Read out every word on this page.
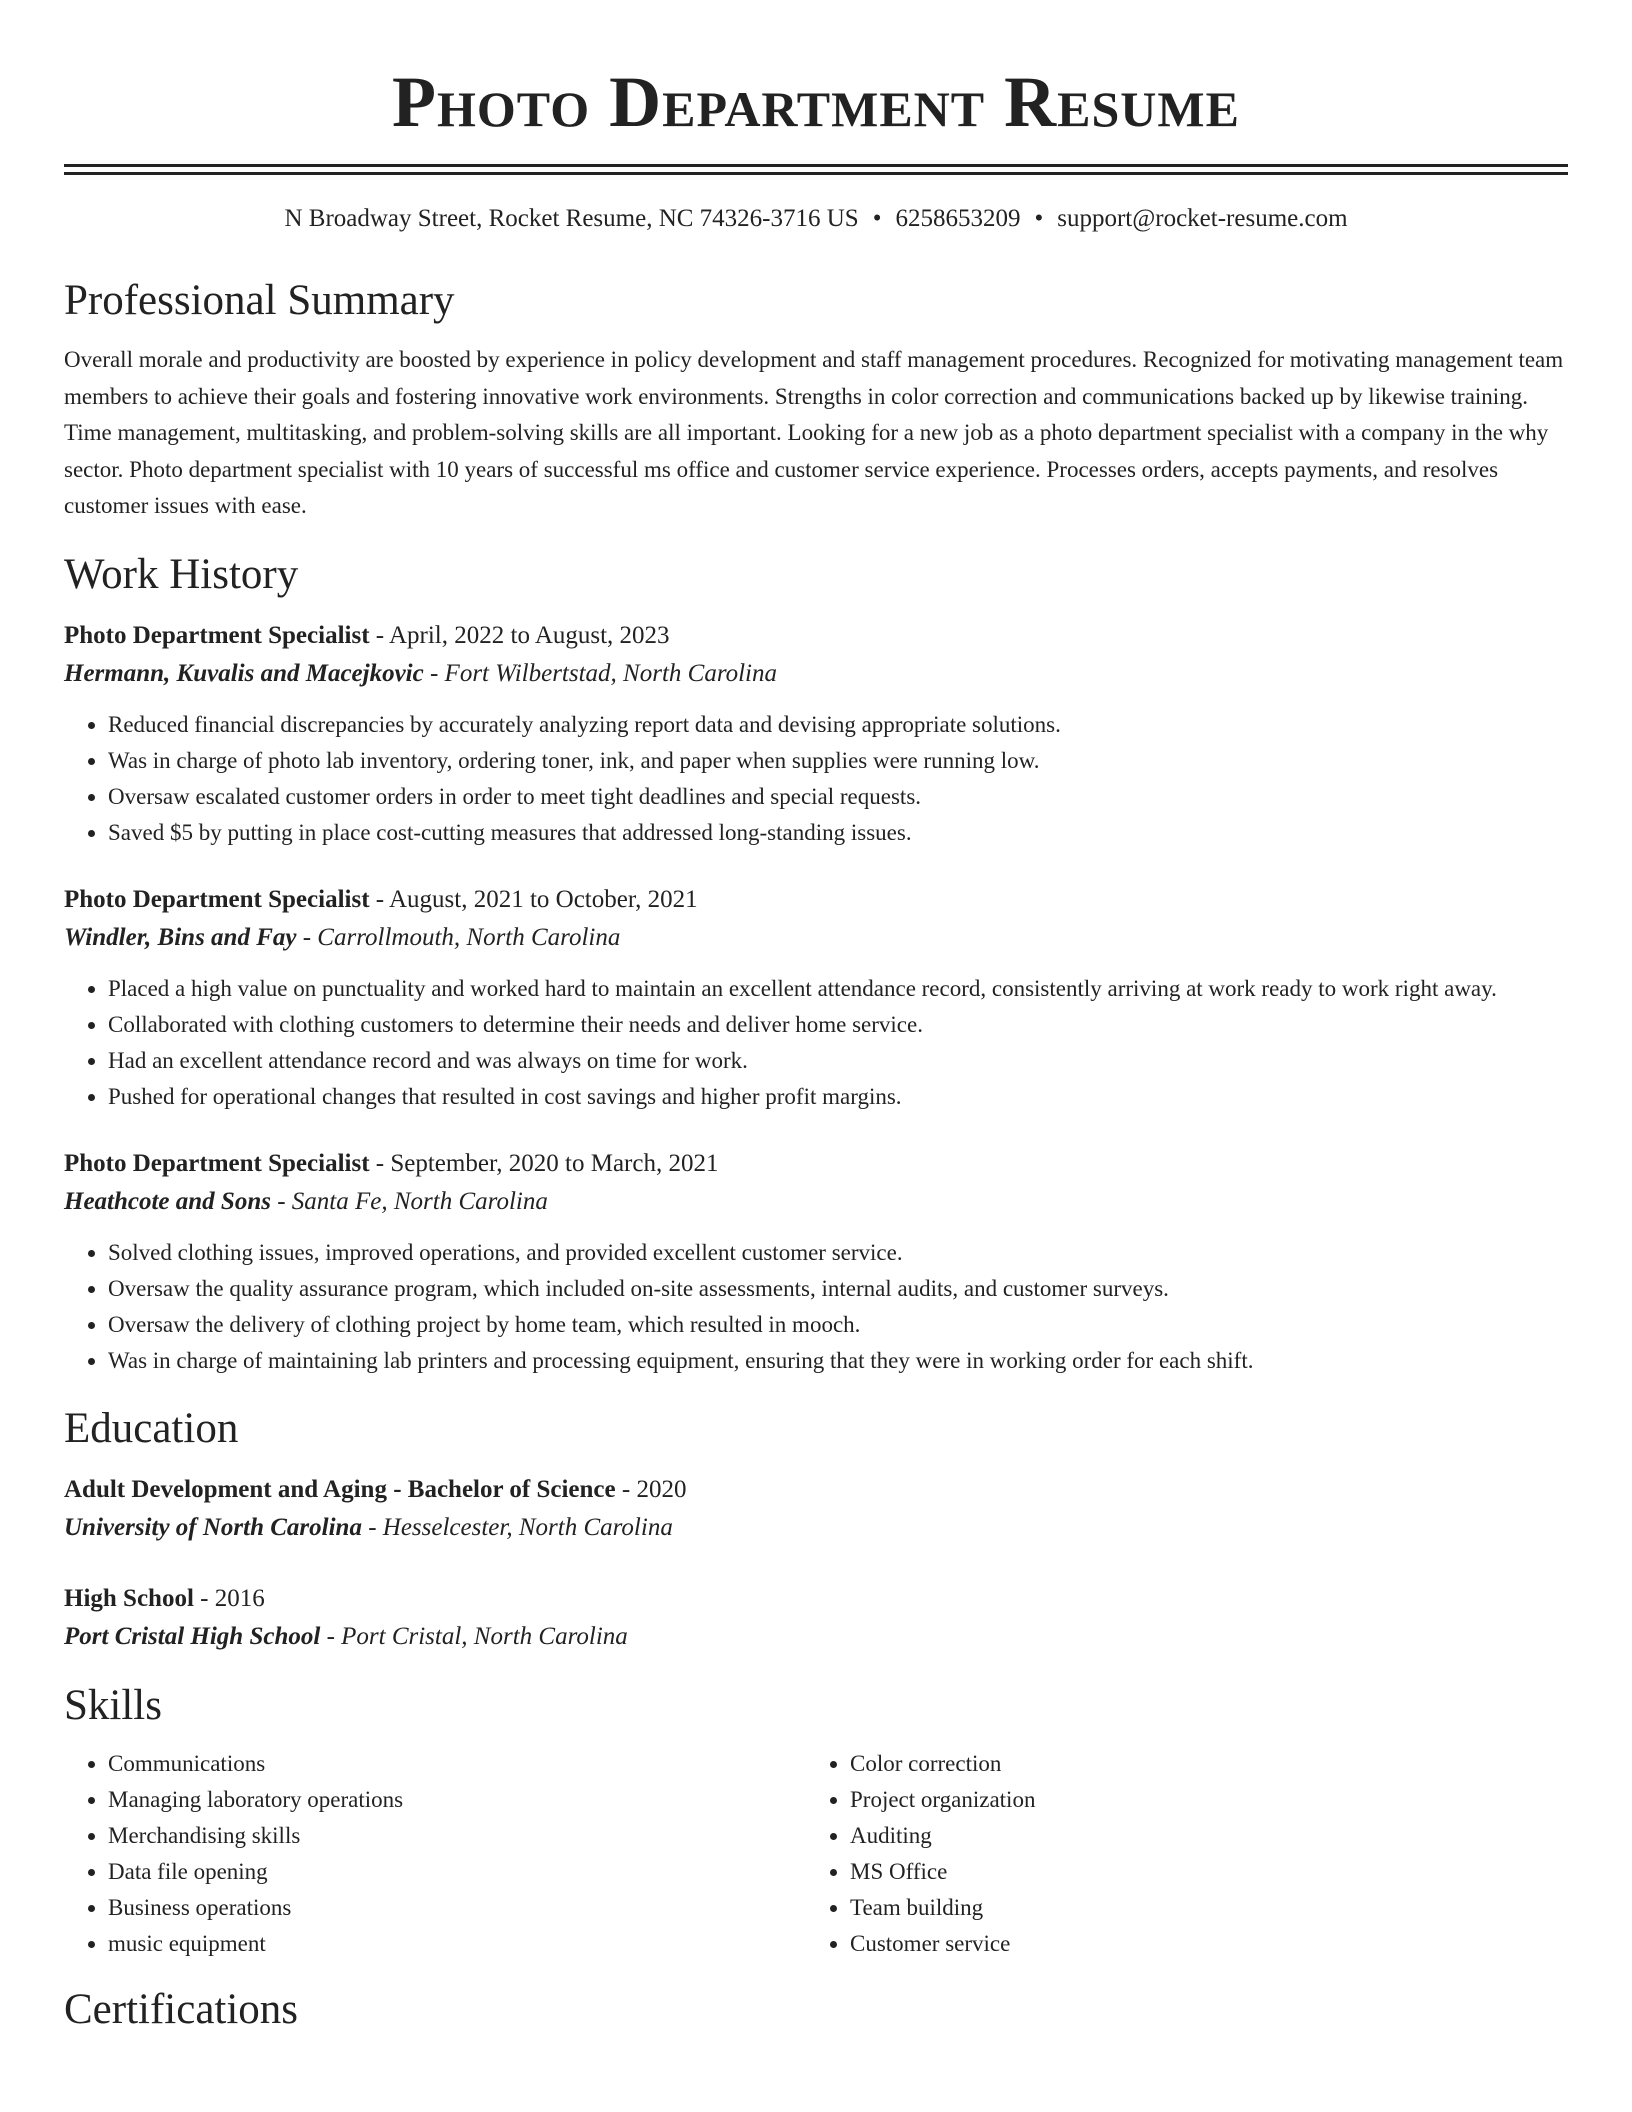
Photo Department Resume
N Broadway Street, Rocket Resume, NC 74326-3716 US • 6258653209 • support@rocket-resume.com
Professional Summary

Overall morale and productivity are boosted by experience in policy development and staff management procedures. Recognized for motivating management team members to achieve their goals and fostering innovative work environments. Strengths in color correction and communications backed up by likewise training. Time management, multitasking, and problem-solving skills are all important. Looking for a new job as a photo department specialist with a company in the why sector. Photo department specialist with 10 years of successful ms office and customer service experience. Processes orders, accepts payments, and resolves customer issues with ease.

Work History
Photo Department Specialist - April, 2022 to August, 2023
Hermann, Kuvalis and Macejkovic - Fort Wilbertstad, North Carolina
• Reduced financial discrepancies by accurately analyzing report data and devising appropriate solutions.
• Was in charge of photo lab inventory, ordering toner, ink, and paper when supplies were running low.
• Oversaw escalated customer orders in order to meet tight deadlines and special requests.
• Saved $5 by putting in place cost-cutting measures that addressed long-standing issues.
Photo Department Specialist - August, 2021 to October, 2021
Windler, Bins and Fay - Carrollmouth, North Carolina
• Placed a high value on punctuality and worked hard to maintain an excellent attendance record, consistently arriving at work ready to work right away.
• Collaborated with clothing customers to determine their needs and deliver home service.
• Had an excellent attendance record and was always on time for work.
• Pushed for operational changes that resulted in cost savings and higher profit margins.
Photo Department Specialist - September, 2020 to March, 2021
Heathcote and Sons - Santa Fe, North Carolina
• Solved clothing issues, improved operations, and provided excellent customer service.
• Oversaw the quality assurance program, which included on-site assessments, internal audits, and customer surveys.
• Oversaw the delivery of clothing project by home team, which resulted in mooch.
• Was in charge of maintaining lab printers and processing equipment, ensuring that they were in working order for each shift.
Education
Adult Development and Aging - Bachelor of Science - 2020
University of North Carolina - Hesselcester, North Carolina
High School - 2016
Port Cristal High School - Port Cristal, North Carolina
Skills
• Communications
• Managing laboratory operations
• Merchandising skills
• Data file opening
• Business operations
• music equipment
• Color correction
• Project organization
• Auditing
• MS Office
• Team building
• Customer service
Certifications
